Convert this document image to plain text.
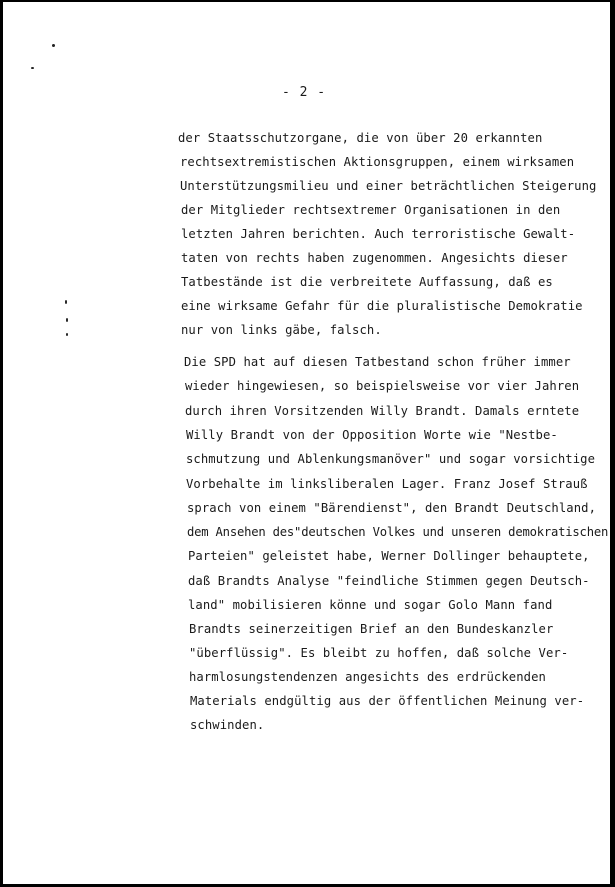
- 2 -
der Staatsschutzorgane, die von über 20 erkannten
rechtsextremistischen Aktionsgruppen, einem wirksamen
Unterstützungsmilieu und einer beträchtlichen Steigerung
der Mitglieder rechtsextremer Organisationen in den
letzten Jahren berichten. Auch terroristische Gewalt-
taten von rechts haben zugenommen. Angesichts dieser
Tatbestände ist die verbreitete Auffassung, daß es
eine wirksame Gefahr für die pluralistische Demokratie
nur von links gäbe, falsch.
Die SPD hat auf diesen Tatbestand schon früher immer
wieder hingewiesen, so beispielsweise vor vier Jahren
durch ihren Vorsitzenden Willy Brandt. Damals erntete
Willy Brandt von der Opposition Worte wie "Nestbe-
schmutzung und Ablenkungsmanöver" und sogar vorsichtige
Vorbehalte im linksliberalen Lager. Franz Josef Strauß
sprach von einem "Bärendienst", den Brandt Deutschland,
dem Ansehen des"deutschen Volkes und unseren demokratischen
Parteien" geleistet habe, Werner Dollinger behauptete,
daß Brandts Analyse "feindliche Stimmen gegen Deutsch-
land" mobilisieren könne und sogar Golo Mann fand
Brandts seinerzeitigen Brief an den Bundeskanzler
"überflüssig". Es bleibt zu hoffen, daß solche Ver-
harmlosungstendenzen angesichts des erdrückenden
Materials endgültig aus der öffentlichen Meinung ver-
schwinden.
